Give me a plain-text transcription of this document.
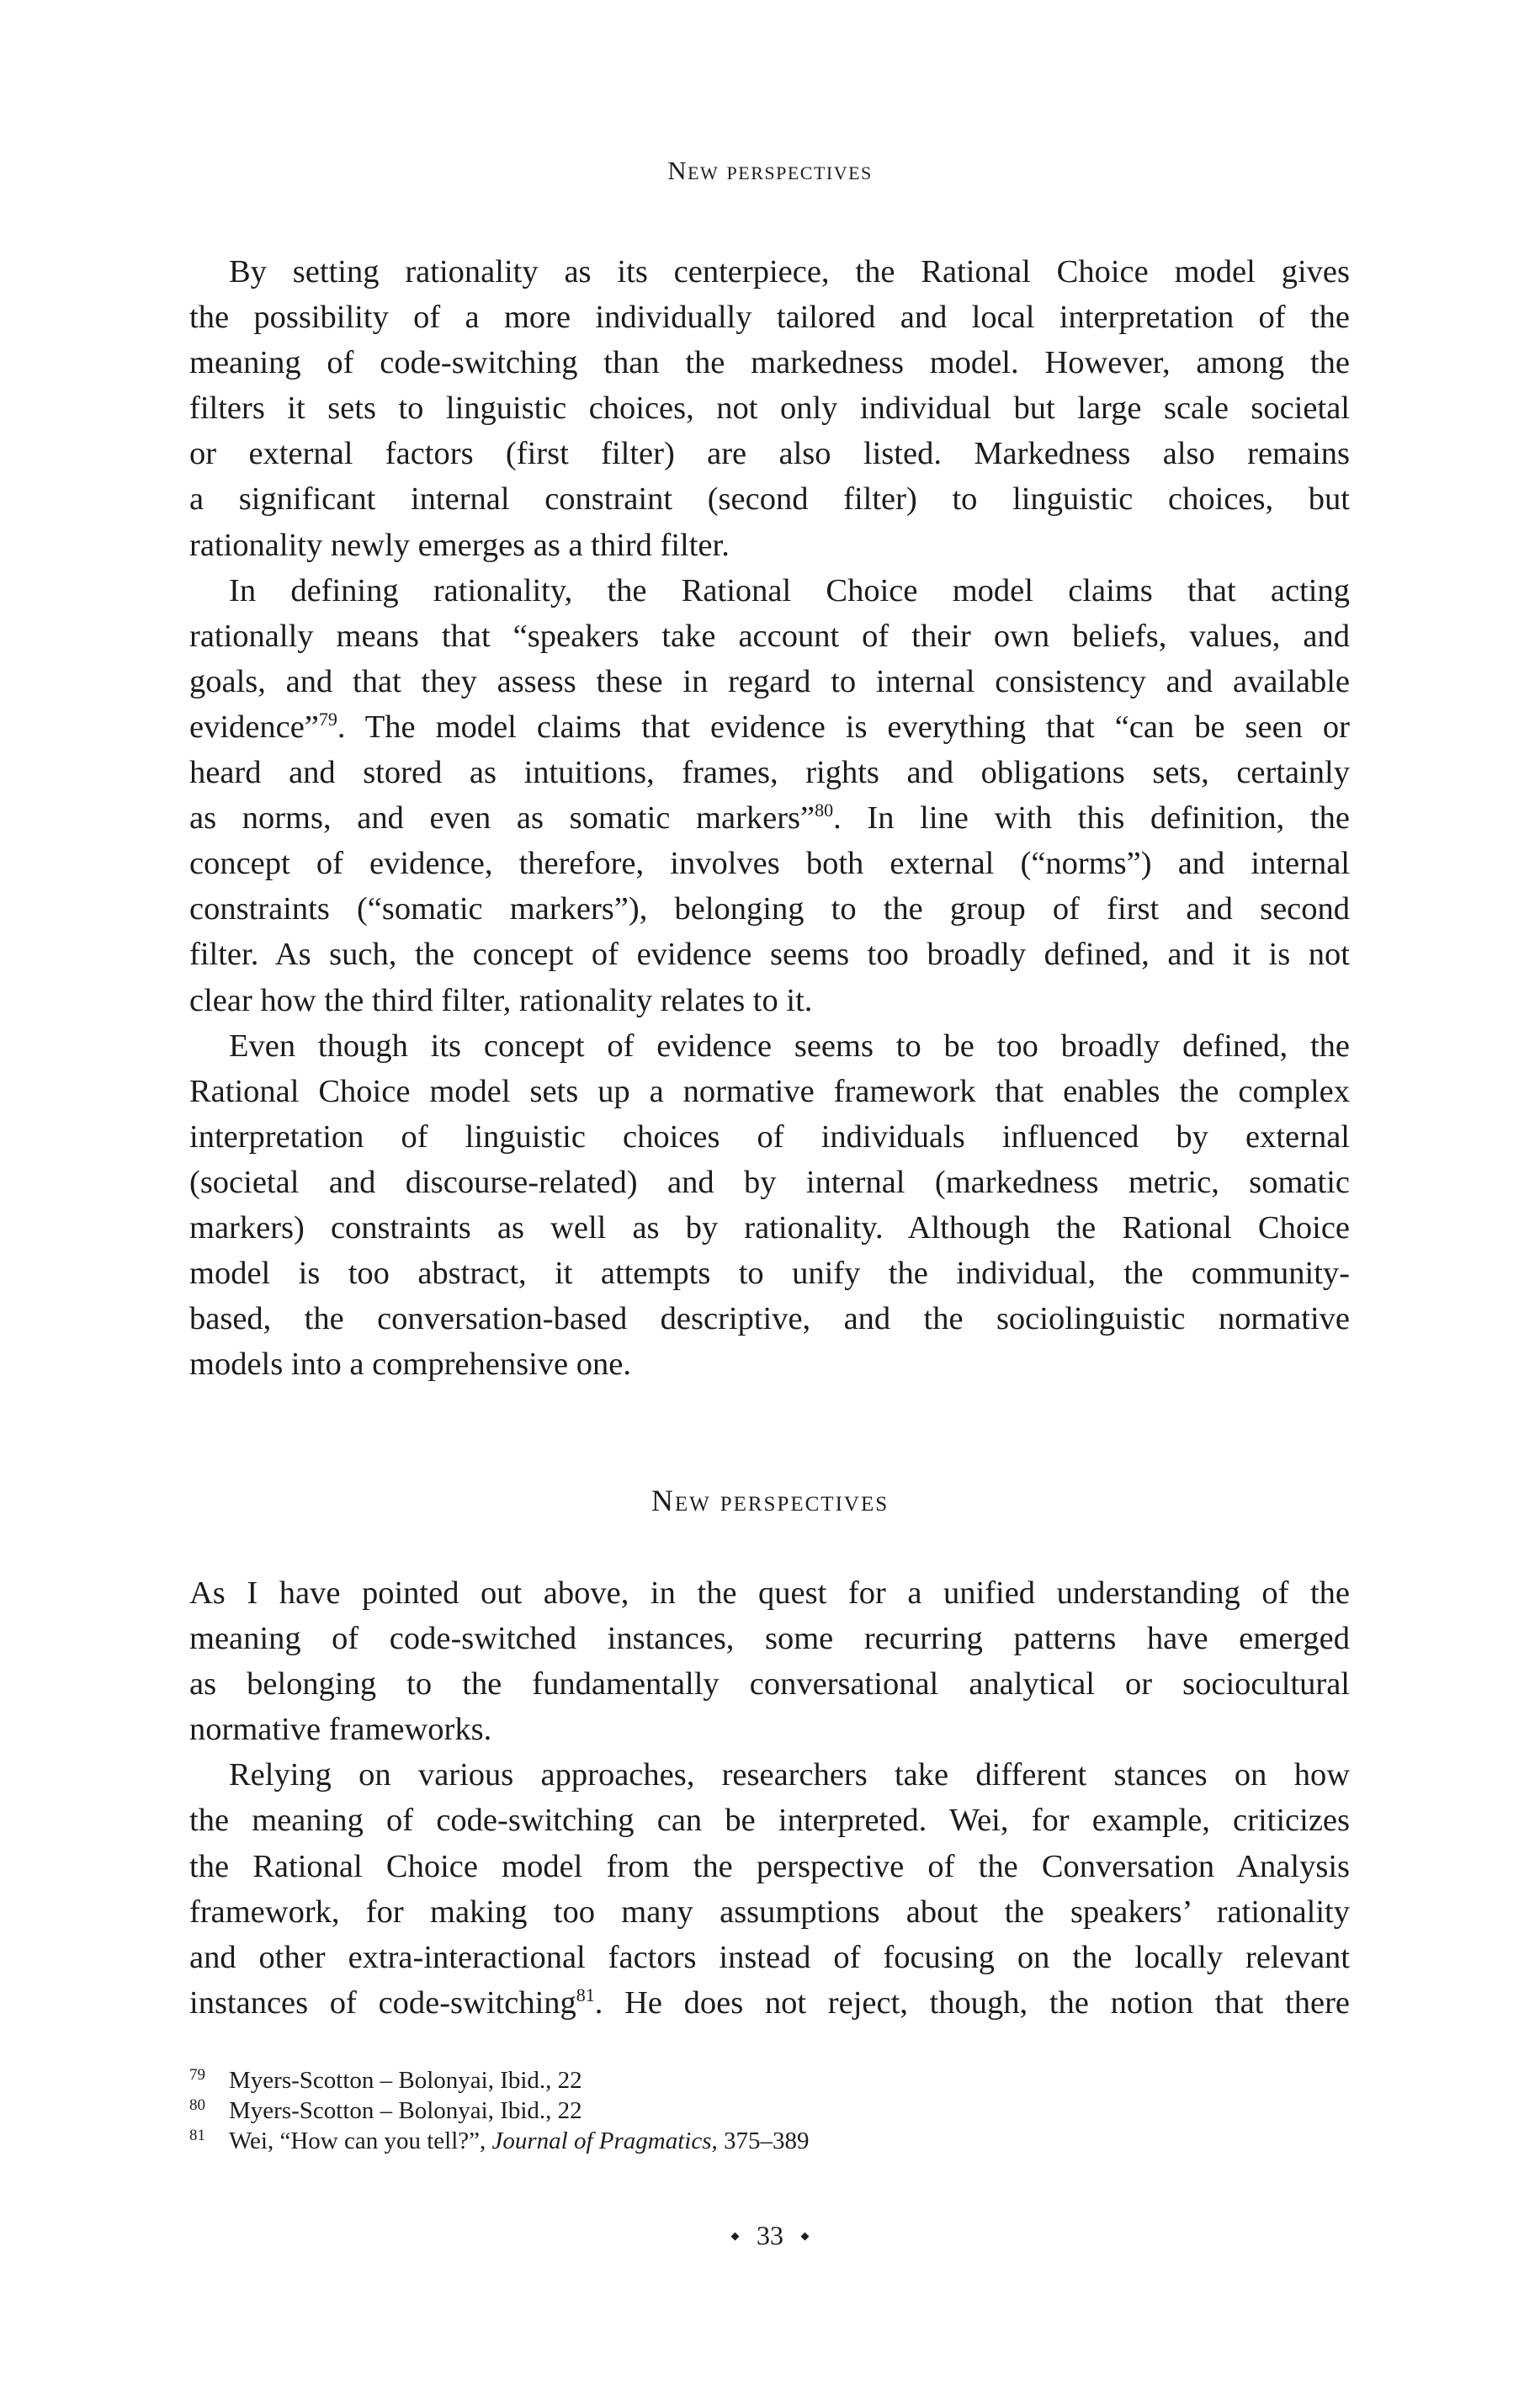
New perspectives
By setting rationality as its centerpiece, the Rational Choice model gives
the possibility of a more individually tailored and local interpretation of the
meaning of code-switching than the markedness model. However, among the
filters it sets to linguistic choices, not only individual but large scale societal
or external factors (first filter) are also listed. Markedness also remains
a significant internal constraint (second filter) to linguistic choices, but
rationality newly emerges as a third filter.
In defining rationality, the Rational Choice model claims that acting
rationally means that “speakers take account of their own beliefs, values, and
goals, and that they assess these in regard to internal consistency and available
evidence”$^{79}$. The model claims that evidence is everything that “can be seen or
heard and stored as intuitions, frames, rights and obligations sets, certainly
as norms, and even as somatic markers”$^{80}$. In line with this definition, the
concept of evidence, therefore, involves both external (“norms”) and internal
constraints (“somatic markers”), belonging to the group of first and second
filter. As such, the concept of evidence seems too broadly defined, and it is not
clear how the third filter, rationality relates to it.
Even though its concept of evidence seems to be too broadly defined, the
Rational Choice model sets up a normative framework that enables the complex
interpretation of linguistic choices of individuals influenced by external
(societal and discourse-related) and by internal (markedness metric, somatic
markers) constraints as well as by rationality. Although the Rational Choice
model is too abstract, it attempts to unify the individual, the community-
based, the conversation-based descriptive, and the sociolinguistic normative
models into a comprehensive one.
New perspectives
As I have pointed out above, in the quest for a unified understanding of the
meaning of code-switched instances, some recurring patterns have emerged
as belonging to the fundamentally conversational analytical or sociocultural
normative frameworks.
Relying on various approaches, researchers take different stances on how
the meaning of code-switching can be interpreted. Wei, for example, criticizes
the Rational Choice model from the perspective of the Conversation Analysis
framework, for making too many assumptions about the speakers’ rationality
and other extra-interactional factors instead of focusing on the locally relevant
instances of code-switching$^{81}$. He does not reject, though, the notion that there
79 Myers-Scotton – Bolonyai, Ibid., 22
80 Myers-Scotton – Bolonyai, Ibid., 22
81 Wei, “How can you tell?”, Journal of Pragmatics, 375–389
33
